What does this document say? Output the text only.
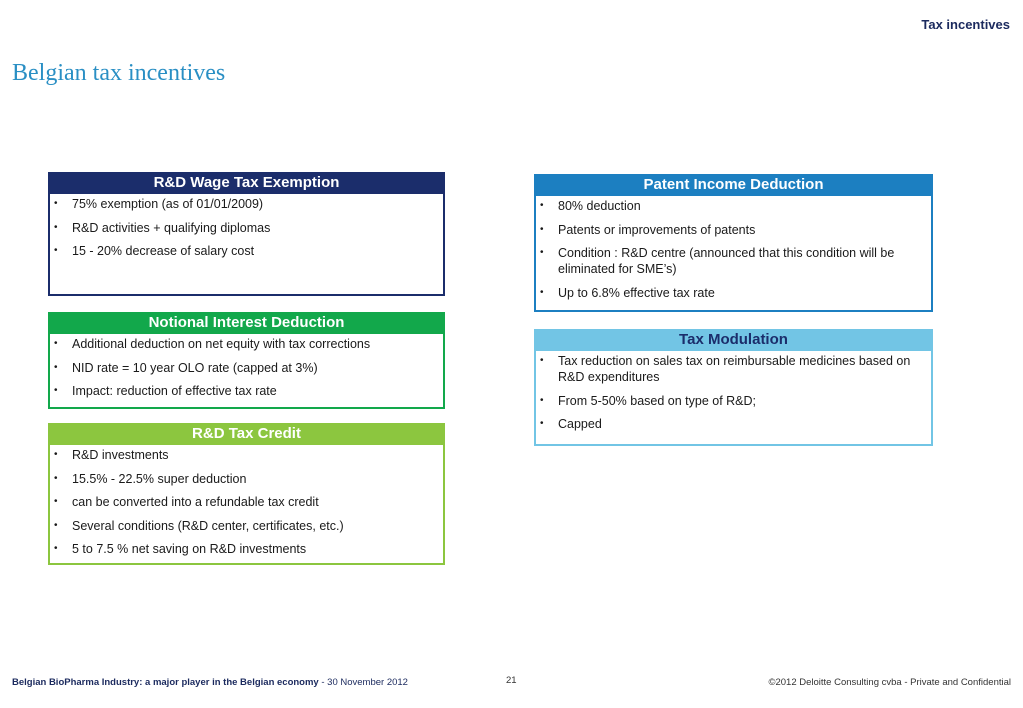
Tax incentives
Belgian tax incentives
R&D Wage Tax Exemption
• 75% exemption (as of 01/01/2009)
• R&D activities + qualifying diplomas
• 15 - 20% decrease of salary cost
Notional Interest Deduction
• Additional deduction on net equity with tax corrections
• NID rate = 10 year OLO rate (capped at 3%)
• Impact: reduction of effective tax rate
R&D Tax Credit
• R&D investments
• 15.5% - 22.5% super deduction
• can be converted into a refundable tax credit
• Several conditions (R&D center, certificates, etc.)
• 5 to 7.5 % net saving on R&D investments
Patent Income Deduction
• 80% deduction
• Patents or improvements of patents
• Condition : R&D centre (announced that this condition will be eliminated for SME’s)
• Up to 6.8% effective tax rate
Tax Modulation
• Tax reduction on sales tax on reimbursable medicines based on R&D expenditures
• From 5-50% based on type of R&D;
• Capped
Belgian BioPharma Industry: a major player in the Belgian economy - 30 November 2012	21	©2012 Deloitte Consulting cvba - Private and Confidential
